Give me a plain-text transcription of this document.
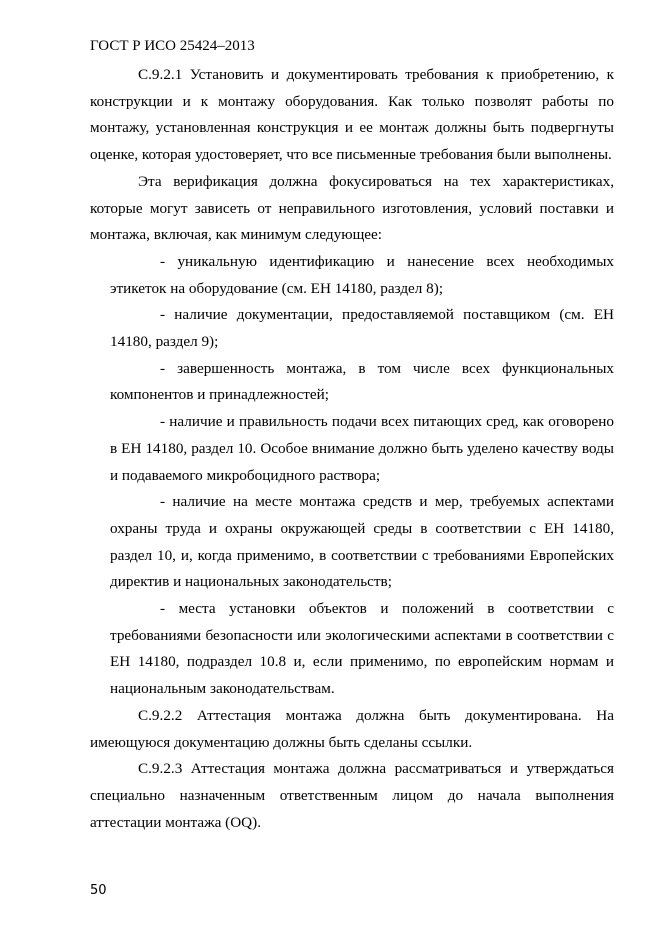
ГОСТ Р ИСО 25424–2013

С.9.2.1 Установить и документировать требования к приобретению, к конструкции и к монтажу оборудования. Как только позволят работы по монтажу, установленная конструкция и ее монтаж должны быть подвергнуты оценке, которая удостоверяет, что все письменные требования были выполнены.

Эта верификация должна фокусироваться на тех характеристиках, которые могут зависеть от неправильного изготовления, условий поставки и монтажа, включая, как минимум следующее:

- уникальную идентификацию и нанесение всех необходимых этикеток на оборудование (см. ЕН 14180, раздел 8);

- наличие документации, предоставляемой поставщиком (см. ЕН 14180, раздел 9);

- завершенность монтажа, в том числе всех функциональных компонентов и принадлежностей;

- наличие и правильность подачи всех питающих сред, как оговорено в ЕН 14180, раздел 10. Особое внимание должно быть уделено качеству воды и подаваемого микробоцидного раствора;

- наличие на месте монтажа средств и мер, требуемых аспектами охраны труда и охраны окружающей среды в соответствии с ЕН 14180, раздел 10, и, когда применимо, в соответствии с требованиями Европейских директив и национальных законодательств;

- места установки объектов и положений в соответствии с требованиями безопасности или экологическими аспектами в соответствии с ЕН 14180, подраздел 10.8 и, если применимо, по европейским нормам и национальным законодательствам.

С.9.2.2 Аттестация монтажа должна быть документирована. На имеющуюся документацию должны быть сделаны ссылки.

С.9.2.3 Аттестация монтажа должна рассматриваться и утверждаться специально назначенным ответственным лицом до начала выполнения аттестации монтажа (OQ).

50
